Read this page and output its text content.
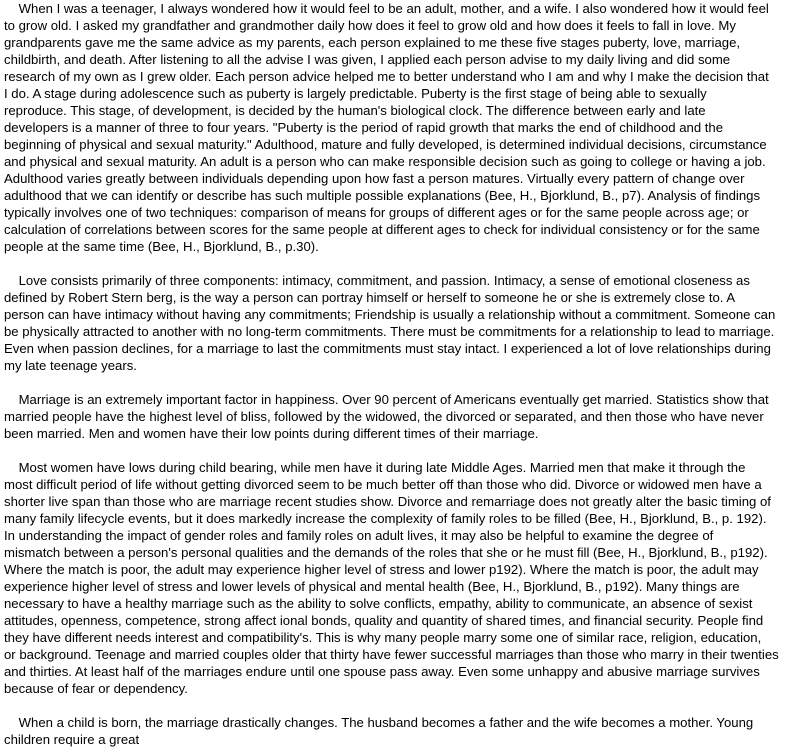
When I was a teenager, I always wondered how it would feel to be an adult, mother, and a wife. I also wondered how it would feel
to grow old. I asked my grandfather and grandmother daily how does it feel to grow old and how does it feels to fall in love. My
grandparents gave me the same advice as my parents, each person explained to me these five stages puberty, love, marriage,
childbirth, and death. After listening to all the advise I was given, I applied each person advise to my daily living and did some
research of my own as I grew older. Each person advice helped me to better understand who I am and why I make the decision that
I do. A stage during adolescence such as puberty is largely predictable. Puberty is the first stage of being able to sexually
reproduce. This stage, of development, is decided by the human's biological clock. The difference between early and late
developers is a manner of three to four years. "Puberty is the period of rapid growth that marks the end of childhood and the
beginning of physical and sexual maturity." Adulthood, mature and fully developed, is determined individual decisions, circumstance
and physical and sexual maturity. An adult is a person who can make responsible decision such as going to college or having a job.
Adulthood varies greatly between individuals depending upon how fast a person matures. Virtually every pattern of change over
adulthood that we can identify or describe has such multiple possible explanations (Bee, H., Bjorklund, B., p7). Analysis of findings
typically involves one of two techniques: comparison of means for groups of different ages or for the same people across age; or
calculation of correlations between scores for the same people at different ages to check for individual consistency or for the same
people at the same time (Bee, H., Bjorklund, B., p.30).

Love consists primarily of three components: intimacy, commitment, and passion. Intimacy, a sense of emotional closeness as
defined by Robert Stern berg, is the way a person can portray himself or herself to someone he or she is extremely close to. A
person can have intimacy without having any commitments; Friendship is usually a relationship without a commitment. Someone can
be physically attracted to another with no long-term commitments. There must be commitments for a relationship to lead to marriage.
Even when passion declines, for a marriage to last the commitments must stay intact. I experienced a lot of love relationships during
my late teenage years.

Marriage is an extremely important factor in happiness. Over 90 percent of Americans eventually get married. Statistics show that
married people have the highest level of bliss, followed by the widowed, the divorced or separated, and then those who have never
been married. Men and women have their low points during different times of their marriage.

Most women have lows during child bearing, while men have it during late Middle Ages. Married men that make it through the
most difficult period of life without getting divorced seem to be much better off than those who did. Divorce or widowed men have a
shorter live span than those who are marriage recent studies show. Divorce and remarriage does not greatly alter the basic timing of
many family lifecycle events, but it does markedly increase the complexity of family roles to be filled (Bee, H., Bjorklund, B., p. 192).
In understanding the impact of gender roles and family roles on adult lives, it may also be helpful to examine the degree of
mismatch between a person's personal qualities and the demands of the roles that she or he must fill (Bee, H., Bjorklund, B., p192).
Where the match is poor, the adult may experience higher level of stress and lower p192). Where the match is poor, the adult may
experience higher level of stress and lower levels of physical and mental health (Bee, H., Bjorklund, B., p192). Many things are
necessary to have a healthy marriage such as the ability to solve conflicts, empathy, ability to communicate, an absence of sexist
attitudes, openness, competence, strong affect ional bonds, quality and quantity of shared times, and financial security. People find
they have different needs interest and compatibility's. This is why many people marry some one of similar race, religion, education,
or background. Teenage and married couples older that thirty have fewer successful marriages than those who marry in their twenties
and thirties. At least half of the marriages endure until one spouse pass away. Even some unhappy and abusive marriage survives
because of fear or dependency.

When a child is born, the marriage drastically changes. The husband becomes a father and the wife becomes a mother. Young
children require a great
